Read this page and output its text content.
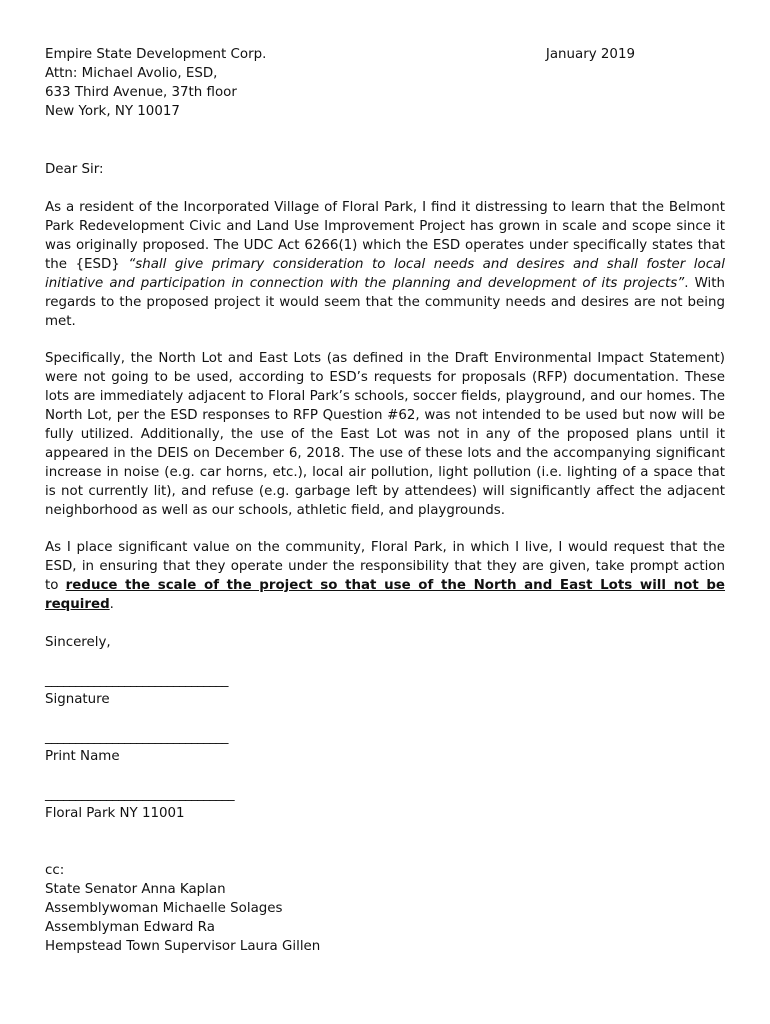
Empire State Development Corp.
Attn: Michael Avolio, ESD,
633 Third Avenue, 37th floor
New York, NY 10017
January 2019
Dear Sir:

As a resident of the Incorporated Village of Floral Park, I find it distressing to learn that the Belmont Park Redevelopment Civic and Land Use Improvement Project has grown in scale and scope since it was originally proposed. The UDC Act 6266(1) which the ESD operates under specifically states that the {ESD} “shall give primary consideration to local needs and desires and shall foster local initiative and participation in connection with the planning and development of its projects”. With regards to the proposed project it would seem that the community needs and desires are not being met.

Specifically, the North Lot and East Lots (as defined in the Draft Environmental Impact Statement) were not going to be used, according to ESD’s requests for proposals (RFP) documentation. These lots are immediately adjacent to Floral Park’s schools, soccer fields, playground, and our homes. The North Lot, per the ESD responses to RFP Question #62, was not intended to be used but now will be fully utilized. Additionally, the use of the East Lot was not in any of the proposed plans until it appeared in the DEIS on December 6, 2018. The use of these lots and the accompanying significant increase in noise (e.g. car horns, etc.), local air pollution, light pollution (i.e. lighting of a space that is not currently lit), and refuse (e.g. garbage left by attendees) will significantly affect the adjacent neighborhood as well as our schools, athletic field, and playgrounds.

As I place significant value on the community, Floral Park, in which I live, I would request that the ESD, in ensuring that they operate under the responsibility that they are given, take prompt action to reduce the scale of the project so that use of the North and East Lots will not be required.

Sincerely,
______________________________
Signature
______________________________
Print Name
_______________________________
Floral Park NY 11001
cc:
State Senator Anna Kaplan
Assemblywoman Michaelle Solages
Assemblyman Edward Ra
Hempstead Town Supervisor Laura Gillen
